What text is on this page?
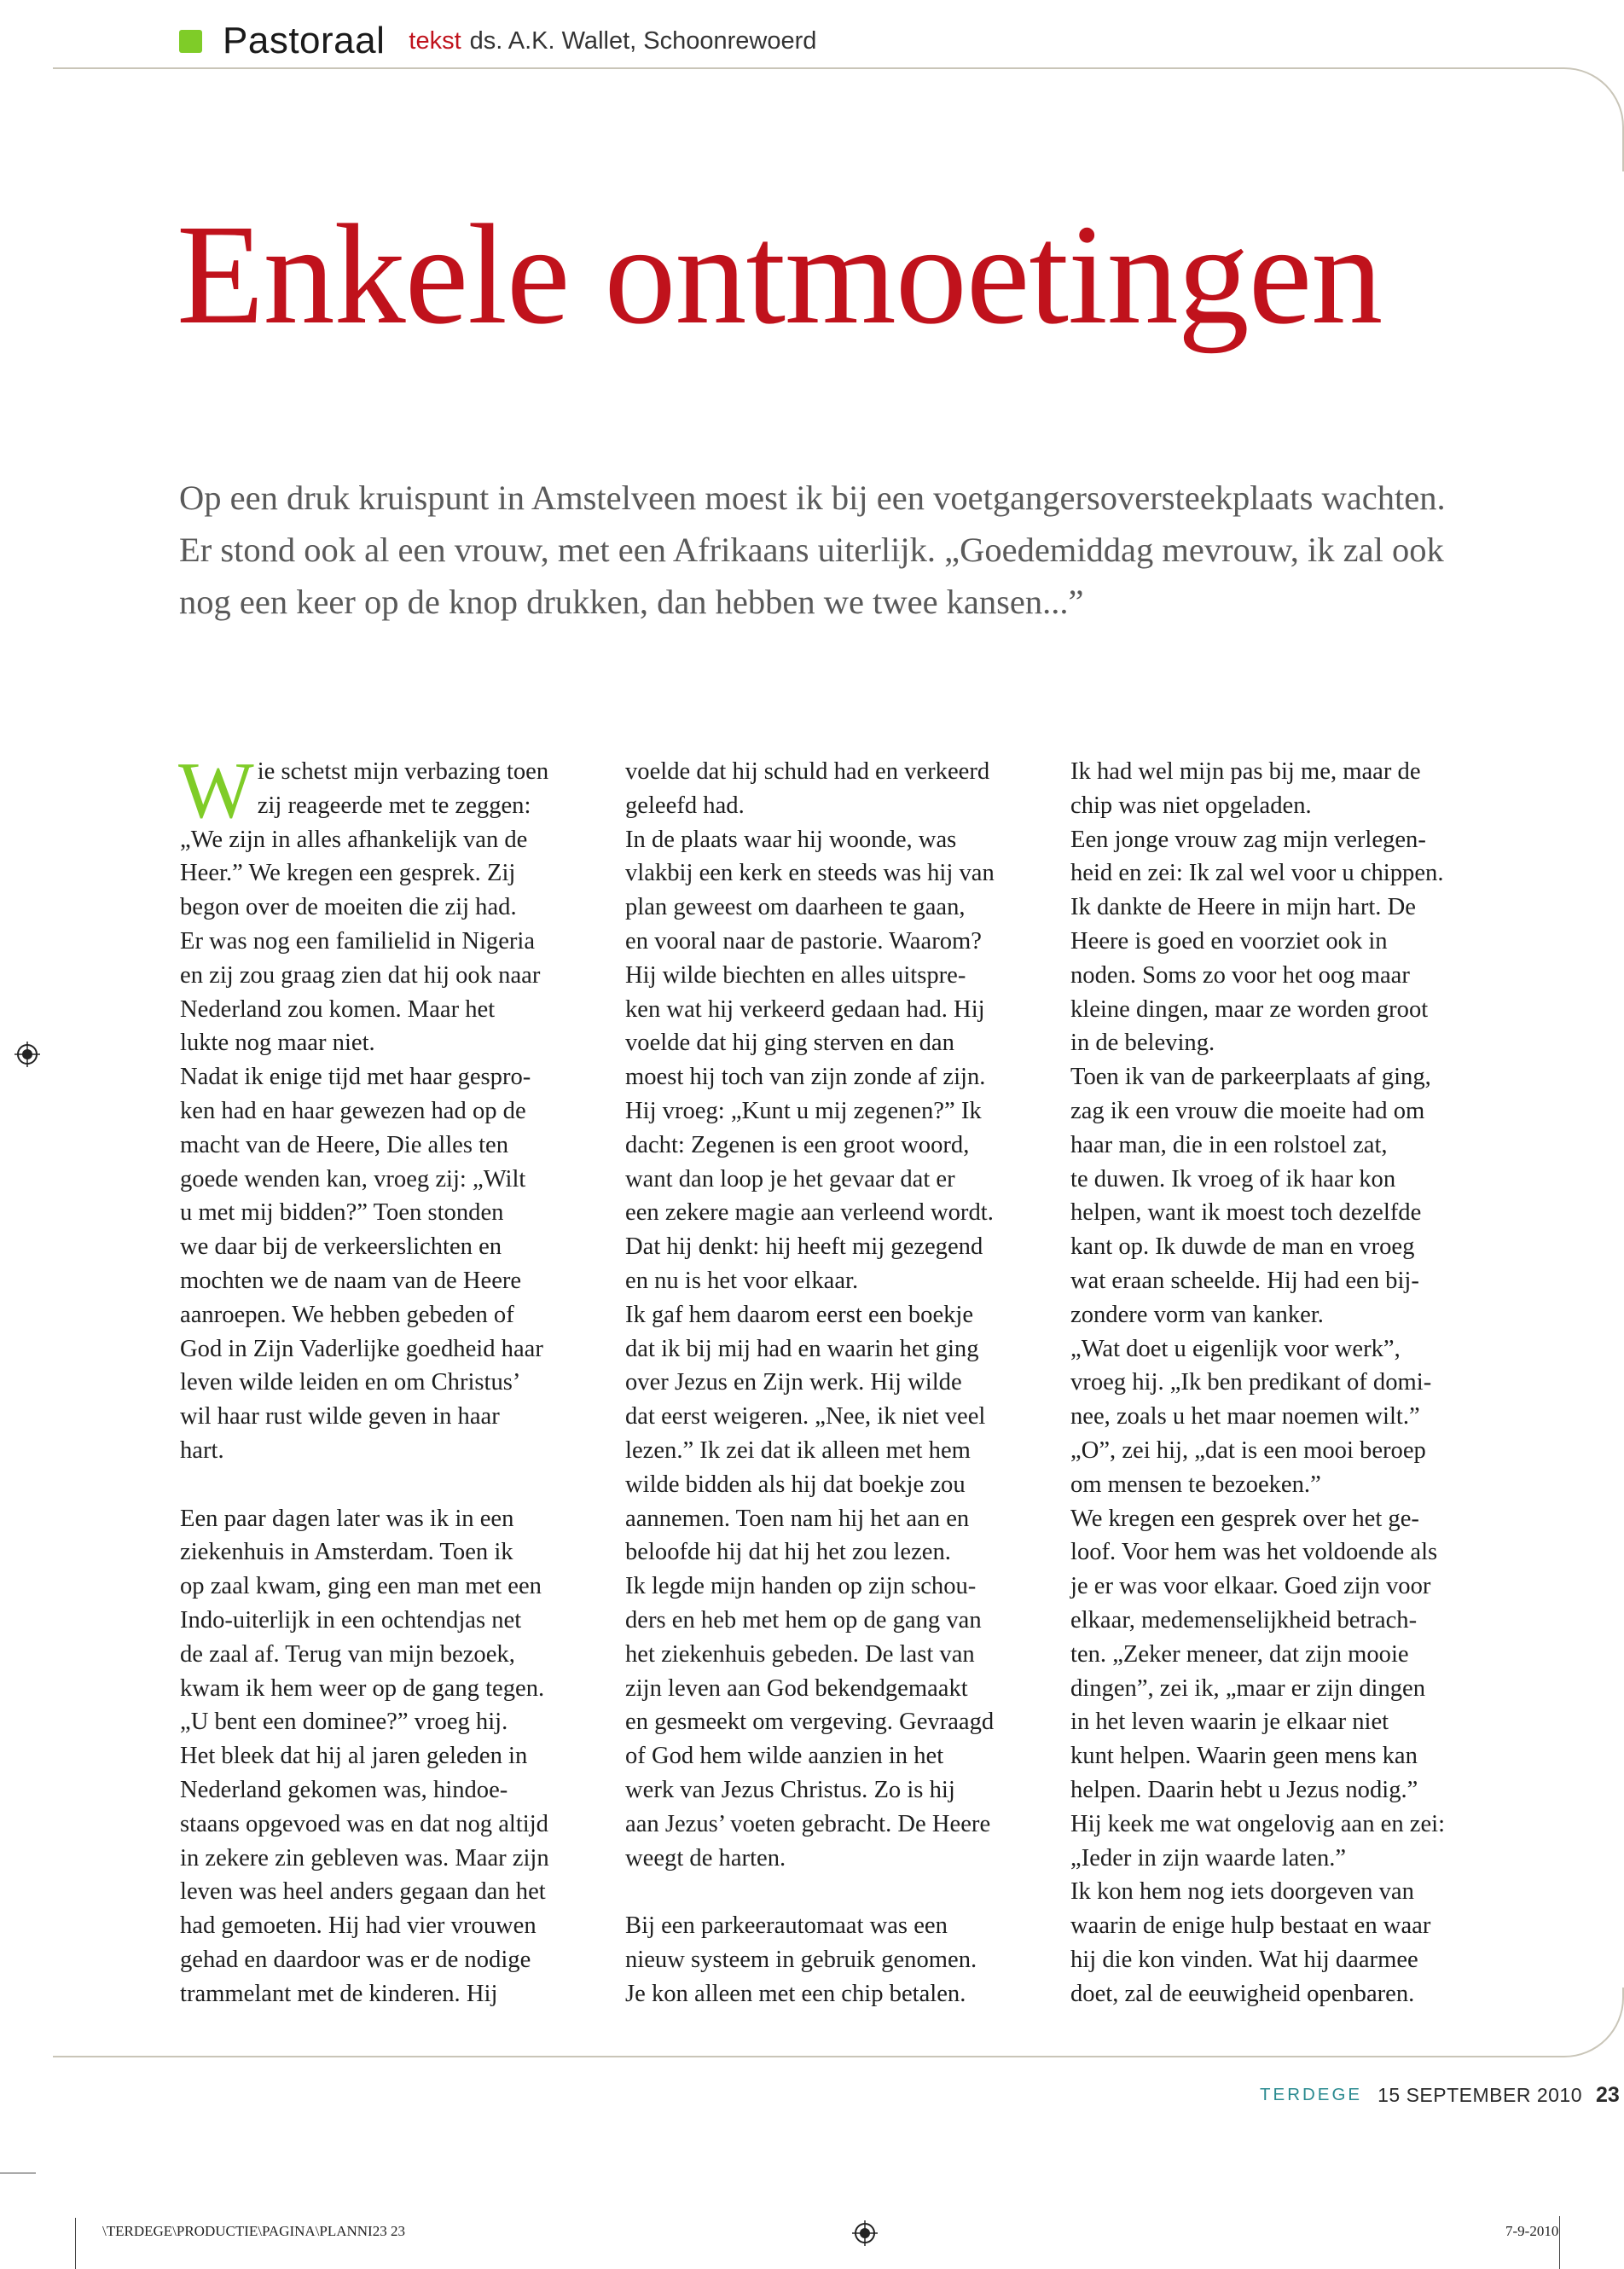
Pastoraal tekst ds. A.K. Wallet, Schoonrewoerd
Enkele ontmoetingen

Op een druk kruispunt in Amstelveen moest ik bij een voetgangersoversteekplaats wachten. Er stond ook al een vrouw, met een Afrikaans uiterlijk. „Goedemiddag mevrouw, ik zal ook nog een keer op de knop drukken, dan hebben we twee kansen...”

W ie schetst mijn verbazing toen

zij reageerde met te zeggen:

„We zijn in alles afhankelijk van de

Heer.” We kregen een gesprek. Zij

begon over de moeiten die zij had.

Er was nog een familielid in Nigeria

en zij zou graag zien dat hij ook naar

Nederland zou komen. Maar het

lukte nog maar niet.

Nadat ik enige tijd met haar gespro-

ken had en haar gewezen had op de

macht van de Heere, Die alles ten

goede wenden kan, vroeg zij: „Wilt

u met mij bidden?” Toen stonden

we daar bij de verkeerslichten en

mochten we de naam van de Heere

aanroepen. We hebben gebeden of

God in Zijn Vaderlijke goedheid haar

leven wilde leiden en om Christus’

wil haar rust wilde geven in haar

hart.

Een paar dagen later was ik in een

ziekenhuis in Amsterdam. Toen ik

op zaal kwam, ging een man met een

Indo-uiterlijk in een ochtendjas net

de zaal af. Terug van mijn bezoek,

kwam ik hem weer op de gang tegen.

„U bent een dominee?” vroeg hij.

Het bleek dat hij al jaren geleden in

Nederland gekomen was, hindoe-

staans opgevoed was en dat nog altijd

in zekere zin gebleven was. Maar zijn

leven was heel anders gegaan dan het

had gemoeten. Hij had vier vrouwen

gehad en daardoor was er de nodige

trammelant met de kinderen. Hij

voelde dat hij schuld had en verkeerd

geleefd had.

In de plaats waar hij woonde, was

vlakbij een kerk en steeds was hij van

plan geweest om daarheen te gaan,

en vooral naar de pastorie. Waarom?

Hij wilde biechten en alles uitspre-

ken wat hij verkeerd gedaan had. Hij

voelde dat hij ging sterven en dan

moest hij toch van zijn zonde af zijn.

Hij vroeg: „Kunt u mij zegenen?” Ik

dacht: Zegenen is een groot woord,

want dan loop je het gevaar dat er

een zekere magie aan verleend wordt.

Dat hij denkt: hij heeft mij gezegend

en nu is het voor elkaar.

Ik gaf hem daarom eerst een boekje

dat ik bij mij had en waarin het ging

over Jezus en Zijn werk. Hij wilde

dat eerst weigeren. „Nee, ik niet veel

lezen.” Ik zei dat ik alleen met hem

wilde bidden als hij dat boekje zou

aannemen. Toen nam hij het aan en

beloofde hij dat hij het zou lezen.

Ik legde mijn handen op zijn schou-

ders en heb met hem op de gang van

het ziekenhuis gebeden. De last van

zijn leven aan God bekendgemaakt

en gesmeekt om vergeving. Gevraagd

of God hem wilde aanzien in het

werk van Jezus Christus. Zo is hij

aan Jezus’ voeten gebracht. De Heere

weegt de harten.

Bij een parkeerautomaat was een

nieuw systeem in gebruik genomen.

Je kon alleen met een chip betalen.

Ik had wel mijn pas bij me, maar de

chip was niet opgeladen.

Een jonge vrouw zag mijn verlegen-

heid en zei: Ik zal wel voor u chippen.

Ik dankte de Heere in mijn hart. De

Heere is goed en voorziet ook in

noden. Soms zo voor het oog maar

kleine dingen, maar ze worden groot

in de beleving.

Toen ik van de parkeerplaats af ging,

zag ik een vrouw die moeite had om

haar man, die in een rolstoel zat,

te duwen. Ik vroeg of ik haar kon

helpen, want ik moest toch dezelfde

kant op. Ik duwde de man en vroeg

wat eraan scheelde. Hij had een bij-

zondere vorm van kanker.

„Wat doet u eigenlijk voor werk”,

vroeg hij. „Ik ben predikant of domi-

nee, zoals u het maar noemen wilt.”

„O”, zei hij, „dat is een mooi beroep

om mensen te bezoeken.”

We kregen een gesprek over het ge-

loof. Voor hem was het voldoende als

je er was voor elkaar. Goed zijn voor

elkaar, medemenselijkheid betrach-

ten. „Zeker meneer, dat zijn mooie

dingen”, zei ik, „maar er zijn dingen

in het leven waarin je elkaar niet

kunt helpen. Waarin geen mens kan

helpen. Daarin hebt u Jezus nodig.”

Hij keek me wat ongelovig aan en zei:

„Ieder in zijn waarde laten.”

Ik kon hem nog iets doorgeven van

waarin de enige hulp bestaat en waar

hij die kon vinden. Wat hij daarmee

doet, zal de eeuwigheid openbaren.

TERDEGE 15 SEPTEMBER 2010 23
\TERDEGE\PRODUCTIE\PAGINA\PLANNI23 23	7-9-2010
